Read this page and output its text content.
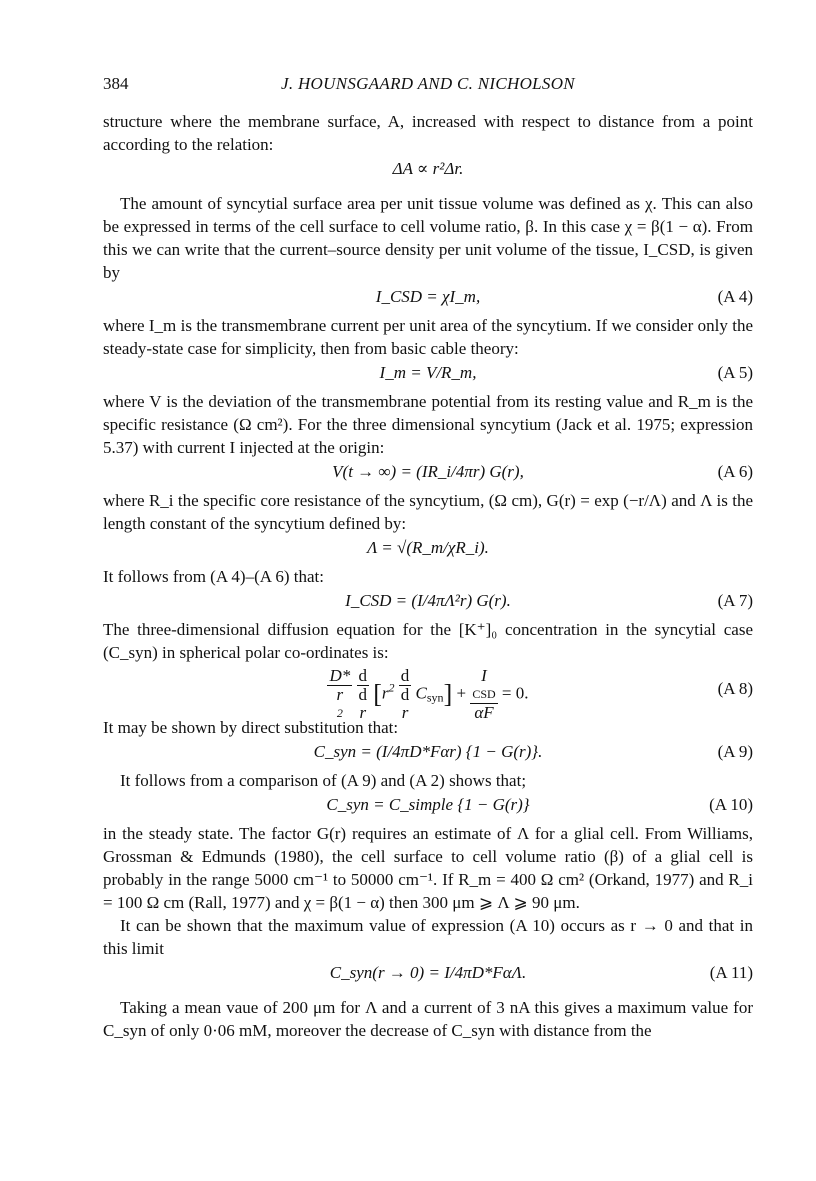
384	J. HOUNSGAARD AND C. NICHOLSON

structure where the membrane surface, A, increased with respect to distance from a point according to the relation:

ΔA ∝ r²Δr.

The amount of syncytial surface area per unit tissue volume was defined as χ. This can also be expressed in terms of the cell surface to cell volume ratio, β. In this case χ = β(1 − α). From this we can write that the current–source density per unit volume of the tissue, I_CSD, is given by

I_CSD = χI_m,	(A 4)

where I_m is the transmembrane current per unit area of the syncytium. If we consider only the steady-state case for simplicity, then from basic cable theory:

I_m = V/R_m,	(A 5)

where V is the deviation of the transmembrane potential from its resting value and R_m is the specific resistance (Ω cm²). For the three dimensional syncytium (Jack et al. 1975; expression 5.37) with current I injected at the origin:

V(t → ∞) = (IR_i/4πr) G(r),	(A 6)

where R_i the specific core resistance of the syncytium, (Ω cm), G(r) = exp (−r/Λ) and Λ is the length constant of the syncytium defined by:

Λ = √(R_m/χR_i).

It follows from (A 4)–(A 6) that:

I_CSD = (I/4πΛ²r) G(r).	(A 7)

The three-dimensional diffusion equation for the [K⁺]₀ concentration in the syncytial case (C_syn) in spherical polar co-ordinates is:

D*
r
2
d
d
r [$r^2$ d
d
r $C_{syn}] + I$
CSD
αF = 0.	(A 8)

It may be shown by direct substitution that:

C_syn = (I/4πD*Fαr) {1 − G(r)}.	(A 9)

It follows from a comparison of (A 9) and (A 2) shows that;

C_syn = C_simple {1 − G(r)}	(A 10)

in the steady state. The factor G(r) requires an estimate of Λ for a glial cell. From Williams, Grossman & Edmunds (1980), the cell surface to cell volume ratio (β) of a glial cell is probably in the range 5000 cm⁻¹ to 50000 cm⁻¹. If R_m = 400 Ω cm² (Orkand, 1977) and R_i = 100 Ω cm (Rall, 1977) and χ = β(1 − α) then 300 μm ⩾ Λ ⩾ 90 μm.

It can be shown that the maximum value of expression (A 10) occurs as r → 0 and that in this limit

C_syn(r → 0) = I/4πD*FαΛ.	(A 11)

Taking a mean vaue of 200 μm for Λ and a current of 3 nA this gives a maximum value for C_syn of only 0·06 mM, moreover the decrease of C_syn with distance from the
